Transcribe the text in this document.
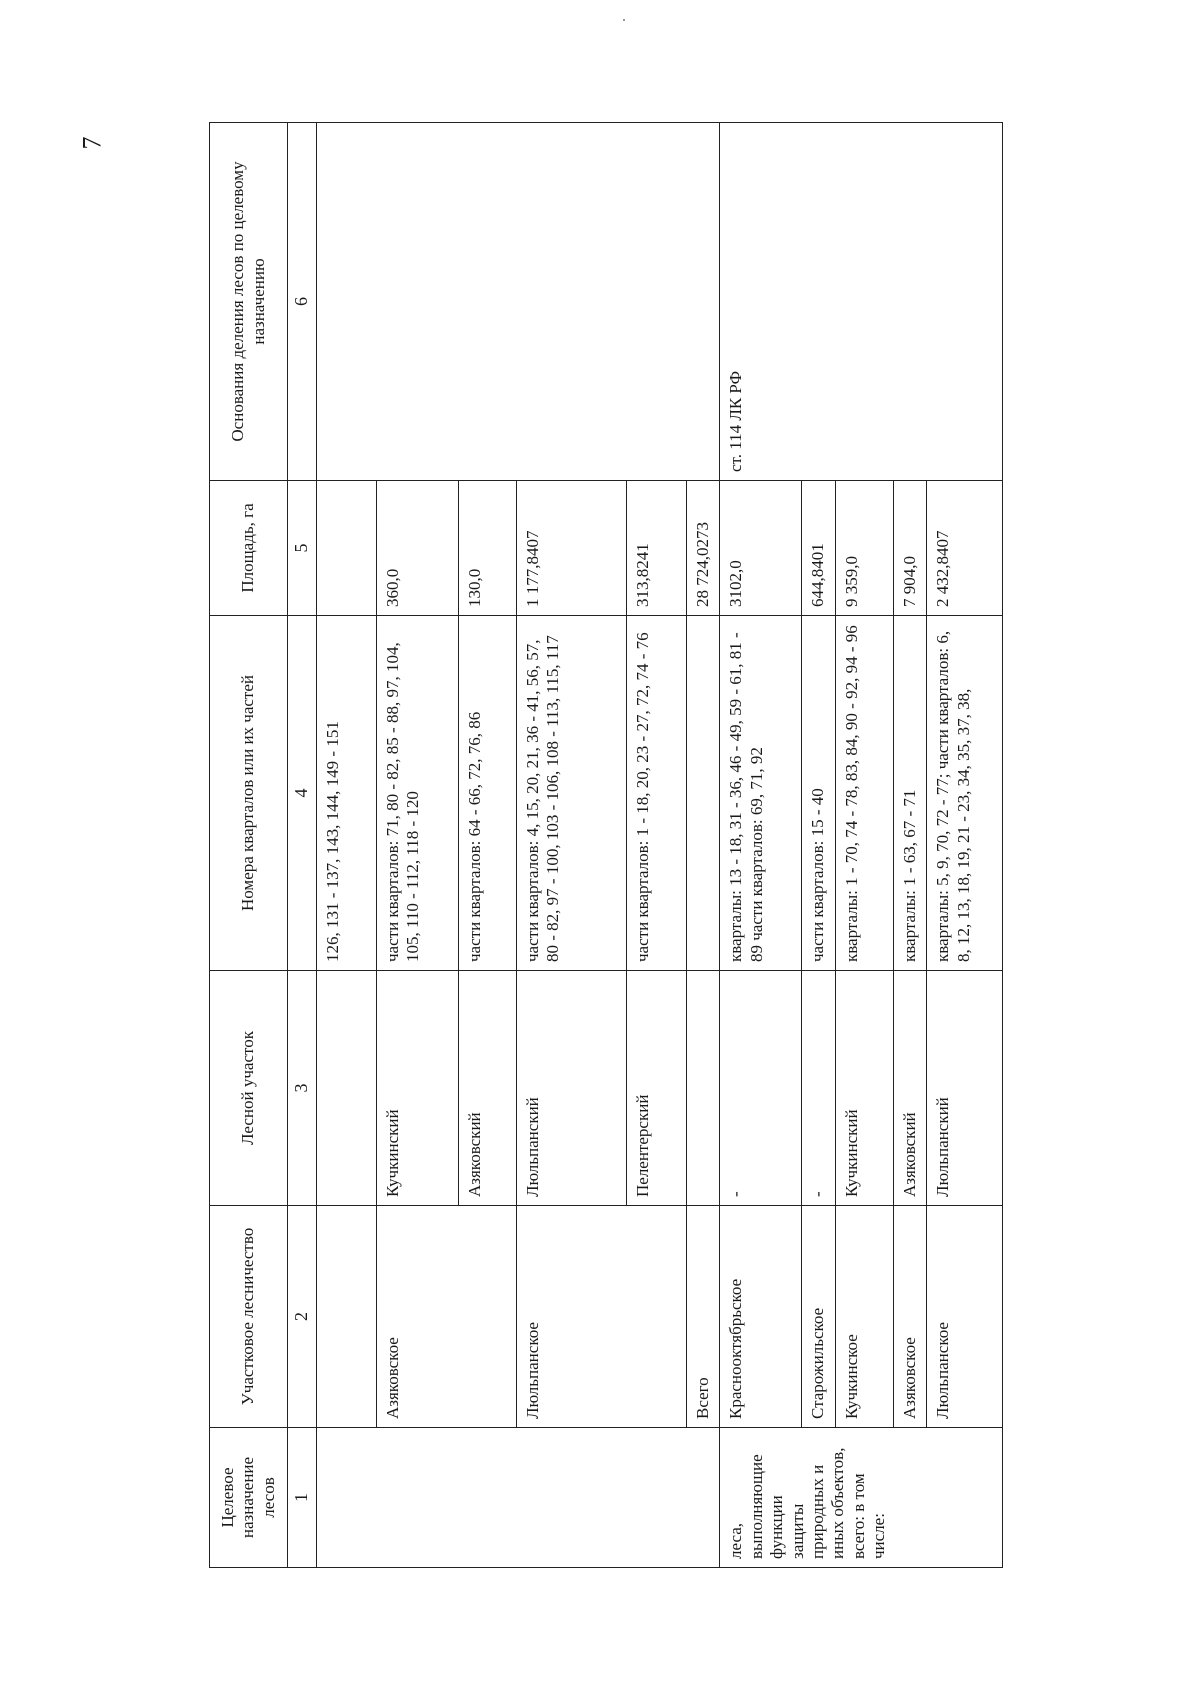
7
Целевое назначение лесов	Участковое лесничество	Лесной участок	Номера кварталов или их частей	Площадь, га	Основания деления лесов по целевому назначению
1	2	3	4	5	6
			126, 131 - 137, 143, 144, 149 - 151		
	Азяковское	Кучкинский	части кварталов: 71, 80 - 82, 85 - 88, 97, 104, 105, 110 - 112, 118 - 120	360,0	
		Азяковский	части кварталов: 64 - 66, 72, 76, 86	130,0	
	Люльпанское	Люльпанский	части кварталов: 4, 15, 20, 21, 36 - 41, 56, 57, 80 - 82, 97 - 100, 103 - 106, 108 - 113, 115, 117	1 177,8407	
		Пелентерский	части кварталов: 1 - 18, 20, 23 - 27, 72, 74 - 76	313,8241	
	Всего			28 724,0273	
леса, выполняющие функции защиты природных и иных объектов, всего: в том числе:	Краснооктябрьское	-	кварталы: 13 - 18, 31 - 36, 46 - 49, 59 - 61, 81 - 89 части кварталов: 69, 71, 92	3102,0	ст. 114 ЛК РФ
	Старожильское	-	части кварталов: 15 - 40	644,8401	
	Кучкинское	Кучкинский	кварталы: 1 - 70, 74 - 78, 83, 84, 90 - 92, 94 - 96	9 359,0	
	Азяковское	Азяковский	кварталы: 1 - 63, 67 - 71	7 904,0	
	Люльпанское	Люльпанский	кварталы: 5, 9, 70, 72 - 77; части кварталов: 6, 8, 12, 13, 18, 19, 21 - 23, 34, 35, 37, 38,	2 432,8407	
